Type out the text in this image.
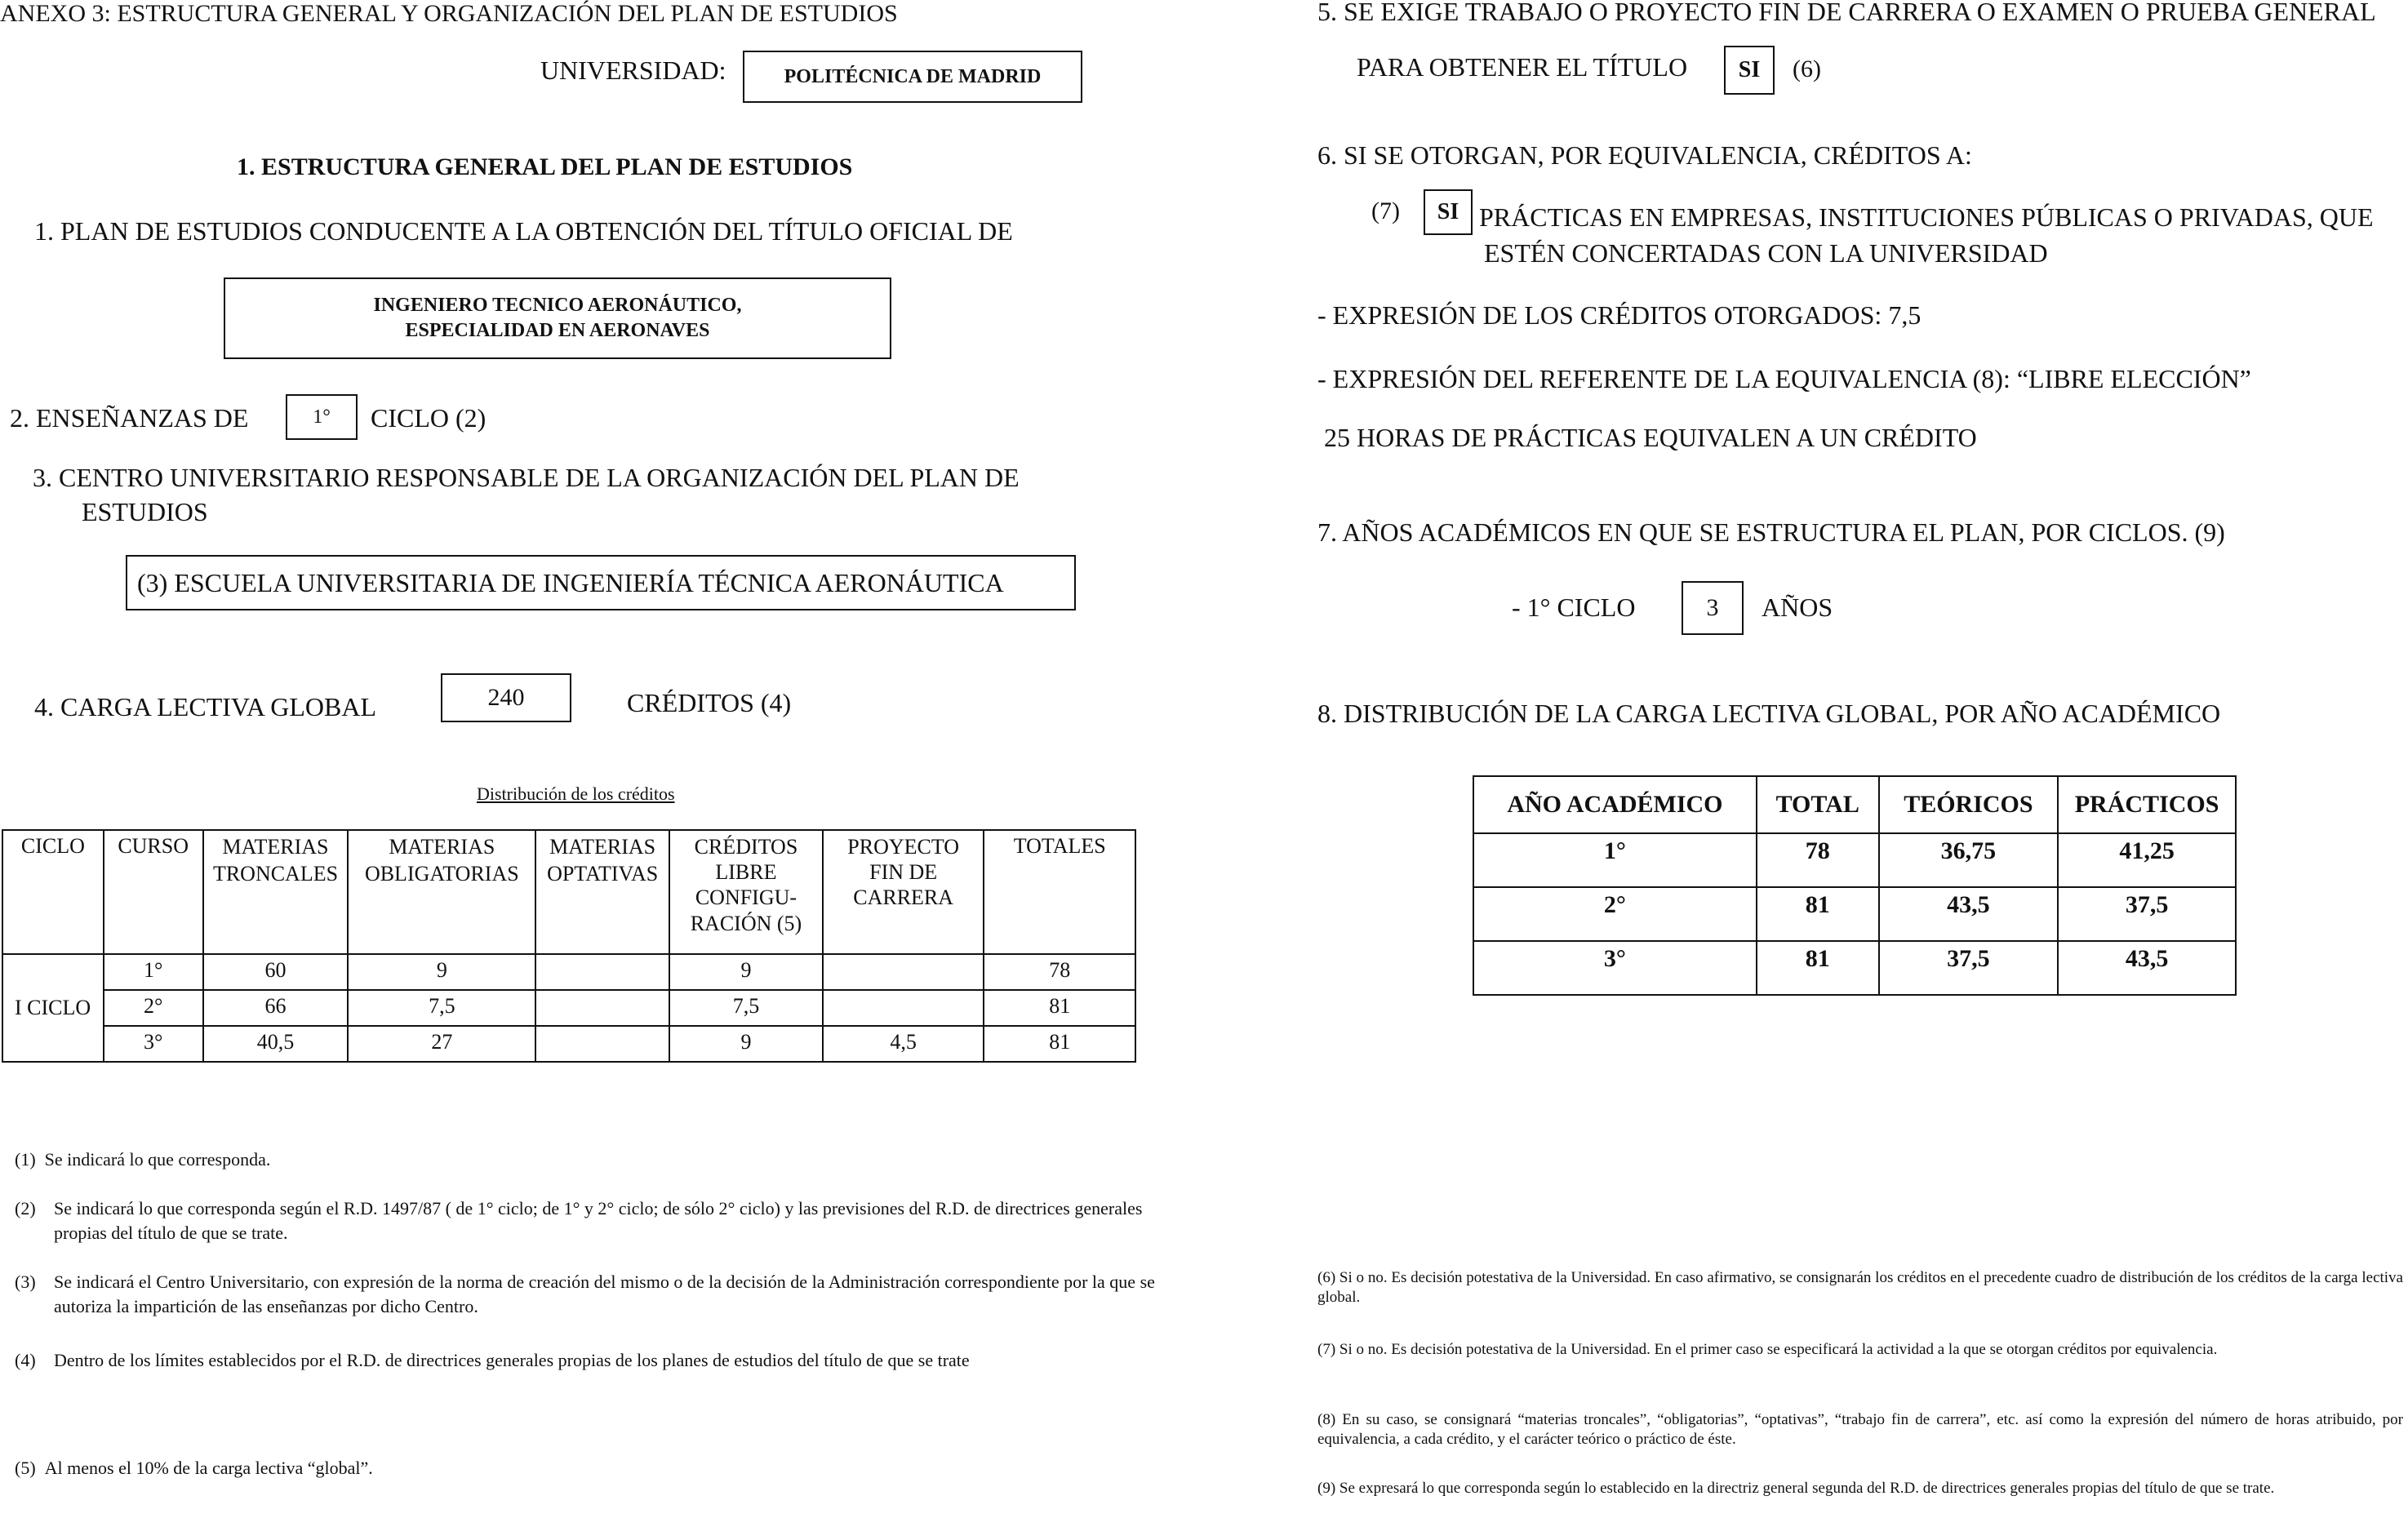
ANEXO 3: ESTRUCTURA GENERAL Y ORGANIZACIÓN DEL PLAN DE ESTUDIOS
UNIVERSIDAD:	POLITÉCNICA DE MADRID
1. ESTRUCTURA GENERAL DEL PLAN DE ESTUDIOS
1. PLAN DE ESTUDIOS CONDUCENTE A LA OBTENCIÓN DEL TÍTULO OFICIAL DE
INGENIERO TECNICO AERONÁUTICO,
ESPECIALIDAD EN AERONAVES
2. ENSEÑANZAS DE	1° CICLO (2)
3. CENTRO UNIVERSITARIO RESPONSABLE DE LA ORGANIZACIÓN DEL PLAN DE
ESTUDIOS
(3) ESCUELA UNIVERSITARIA DE INGENIERÍA TÉCNICA AERONÁUTICA
4. CARGA LECTIVA GLOBAL	240	CRÉDITOS (4)
Distribución de los créditos
CICLO	CURSO	MATERIAS TRONCALES	MATERIAS OBLIGATORIAS	MATERIAS OPTATIVAS	CRÉDITOS LIBRE CONFIGU- RACIÓN (5)	PROYECTO FIN DE CARRERA	TOTALES
I CICLO	1°	60	9		9		78
	2°	66	7,5		7,5		81
	3°	40,5	27		9	4,5	81
(1) Se indicará lo que corresponda.
(2)	Se indicará lo que corresponda según el R.D. 1497/87 ( de 1° ciclo; de 1° y 2° ciclo; de sólo 2° ciclo) y las previsiones del R.D. de directrices generales propias del título de que se trate.
(3)	Se indicará el Centro Universitario, con expresión de la norma de creación del mismo o de la decisión de la Administración correspondiente por la que se autoriza la impartición de las enseñanzas por dicho Centro.
(4)	Dentro de los límites establecidos por el R.D. de directrices generales propias de los planes de estudios del título de que se trate
(5) Al menos el 10% de la carga lectiva “global”.
5. SE EXIGE TRABAJO O PROYECTO FIN DE CARRERA O EXAMEN O PRUEBA GENERAL
PARA OBTENER EL TÍTULO SI (6)
6. SI SE OTORGAN, POR EQUIVALENCIA, CRÉDITOS A:
(7) SI PRÁCTICAS EN EMPRESAS, INSTITUCIONES PÚBLICAS O PRIVADAS, QUE
ESTÉN CONCERTADAS CON LA UNIVERSIDAD
- EXPRESIÓN DE LOS CRÉDITOS OTORGADOS: 7,5
- EXPRESIÓN DEL REFERENTE DE LA EQUIVALENCIA (8): “LIBRE ELECCIÓN”
25 HORAS DE PRÁCTICAS EQUIVALEN A UN CRÉDITO
7. AÑOS ACADÉMICOS EN QUE SE ESTRUCTURA EL PLAN, POR CICLOS. (9)
- 1° CICLO	3 AÑOS
8. DISTRIBUCIÓN DE LA CARGA LECTIVA GLOBAL, POR AÑO ACADÉMICO
AÑO ACADÉMICO	TOTAL	TEÓRICOS	PRÁCTICOS
1°	78	36,75	41,25
2°	81	43,5	37,5
3°	81	37,5	43,5
(6) Si o no. Es decisión potestativa de la Universidad. En caso afirmativo, se consignarán los créditos en el precedente cuadro de distribución de los créditos de la carga lectiva global.
(7) Si o no. Es decisión potestativa de la Universidad. En el primer caso se especificará la actividad a la que se otorgan créditos por equivalencia.
(8) En su caso, se consignará “materias troncales”, “obligatorias”, “optativas”, “trabajo fin de carrera”, etc. así como la expresión del número de horas atribuido, por equivalencia, a cada crédito, y el carácter teórico o práctico de éste.
(9) Se expresará lo que corresponda según lo establecido en la directriz general segunda del R.D. de directrices generales propias del título de que se trate.
